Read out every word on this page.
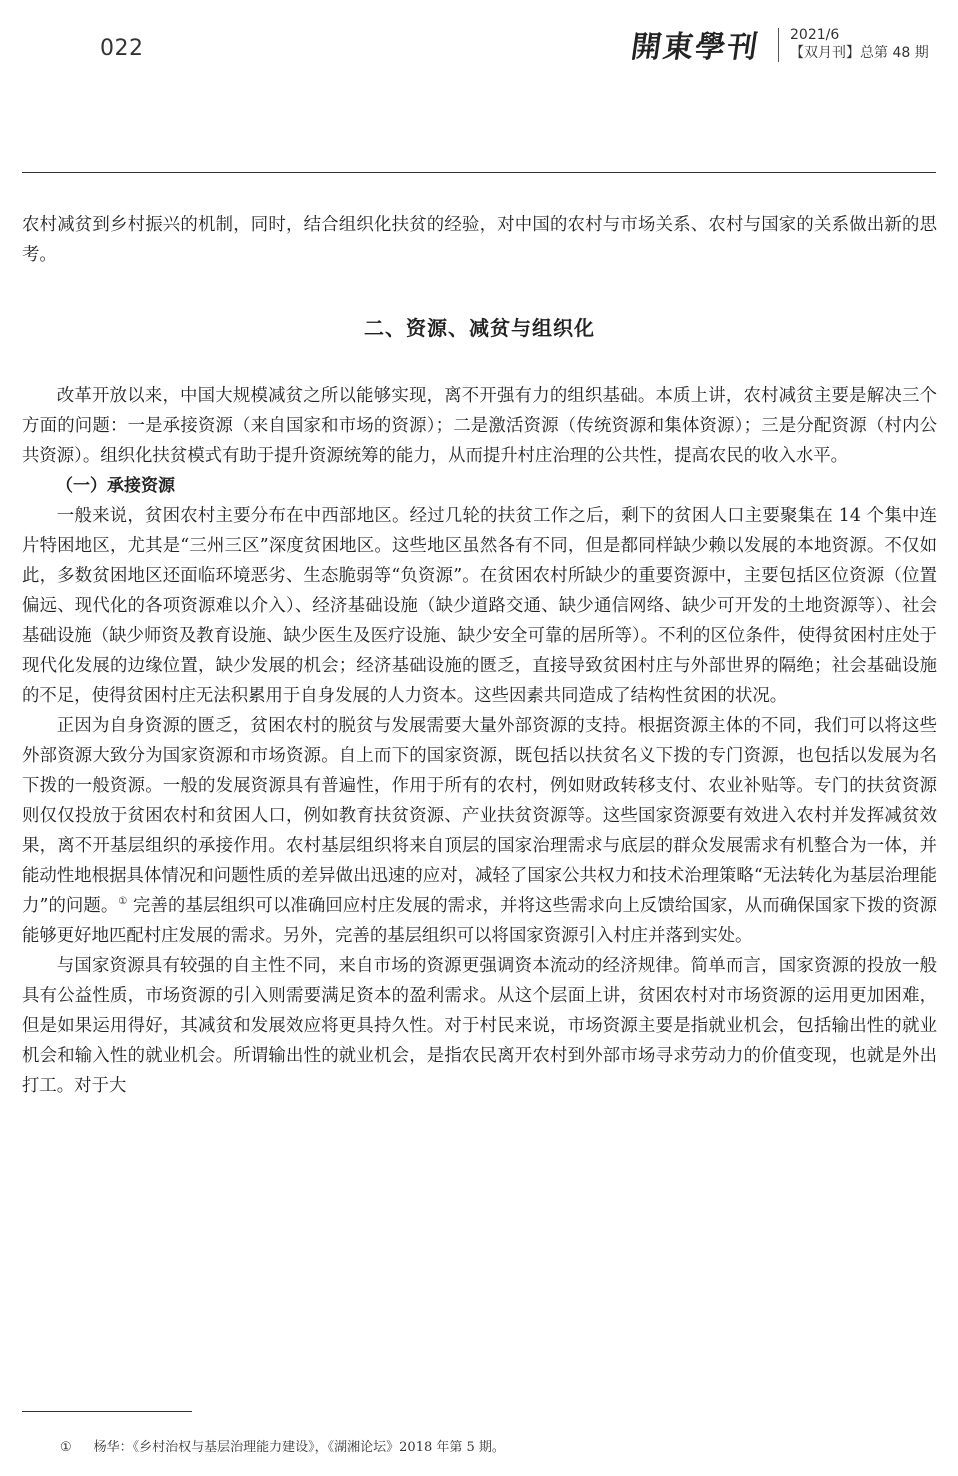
022	開東學刊 2021/6
【双月刊】总第 48 期

农村减贫到乡村振兴的机制，同时，结合组织化扶贫的经验，对中国的农村与市场关系、农村与国家的关系做出新的思考。

二、资源、减贫与组织化

改革开放以来，中国大规模减贫之所以能够实现，离不开强有力的组织基础。本质上讲，农村减贫主要是解决三个方面的问题：一是承接资源（来自国家和市场的资源）；二是激活资源（传统资源和集体资源）；三是分配资源（村内公共资源）。组织化扶贫模式有助于提升资源统筹的能力，从而提升村庄治理的公共性，提高农民的收入水平。

（一）承接资源

一般来说，贫困农村主要分布在中西部地区。经过几轮的扶贫工作之后，剩下的贫困人口主要聚集在 14 个集中连片特困地区，尤其是“三州三区”深度贫困地区。这些地区虽然各有不同，但是都同样缺少赖以发展的本地资源。不仅如此，多数贫困地区还面临环境恶劣、生态脆弱等“负资源”。在贫困农村所缺少的重要资源中，主要包括区位资源（位置偏远、现代化的各项资源难以介入）、经济基础设施（缺少道路交通、缺少通信网络、缺少可开发的土地资源等）、社会基础设施（缺少师资及教育设施、缺少医生及医疗设施、缺少安全可靠的居所等）。不利的区位条件，使得贫困村庄处于现代化发展的边缘位置，缺少发展的机会；经济基础设施的匮乏，直接导致贫困村庄与外部世界的隔绝；社会基础设施的不足，使得贫困村庄无法积累用于自身发展的人力资本。这些因素共同造成了结构性贫困的状况。

正因为自身资源的匮乏，贫困农村的脱贫与发展需要大量外部资源的支持。根据资源主体的不同，我们可以将这些外部资源大致分为国家资源和市场资源。自上而下的国家资源，既包括以扶贫名义下拨的专门资源，也包括以发展为名下拨的一般资源。一般的发展资源具有普遍性，作用于所有的农村，例如财政转移支付、农业补贴等。专门的扶贫资源则仅仅投放于贫困农村和贫困人口，例如教育扶贫资源、产业扶贫资源等。这些国家资源要有效进入农村并发挥减贫效果，离不开基层组织的承接作用。农村基层组织将来自顶层的国家治理需求与底层的群众发展需求有机整合为一体，并能动性地根据具体情况和问题性质的差异做出迅速的应对，减轻了国家公共权力和技术治理策略“无法转化为基层治理能力”的问题。① 完善的基层组织可以准确回应村庄发展的需求，并将这些需求向上反馈给国家，从而确保国家下拨的资源能够更好地匹配村庄发展的需求。另外，完善的基层组织可以将国家资源引入村庄并落到实处。

与国家资源具有较强的自主性不同，来自市场的资源更强调资本流动的经济规律。简单而言，国家资源的投放一般具有公益性质，市场资源的引入则需要满足资本的盈利需求。从这个层面上讲，贫困农村对市场资源的运用更加困难，但是如果运用得好，其减贫和发展效应将更具持久性。对于村民来说，市场资源主要是指就业机会，包括输出性的就业机会和输入性的就业机会。所谓输出性的就业机会，是指农民离开农村到外部市场寻求劳动力的价值变现，也就是外出打工。对于大

① 杨华：《乡村治权与基层治理能力建设》，《湖湘论坛》2018 年第 5 期。
